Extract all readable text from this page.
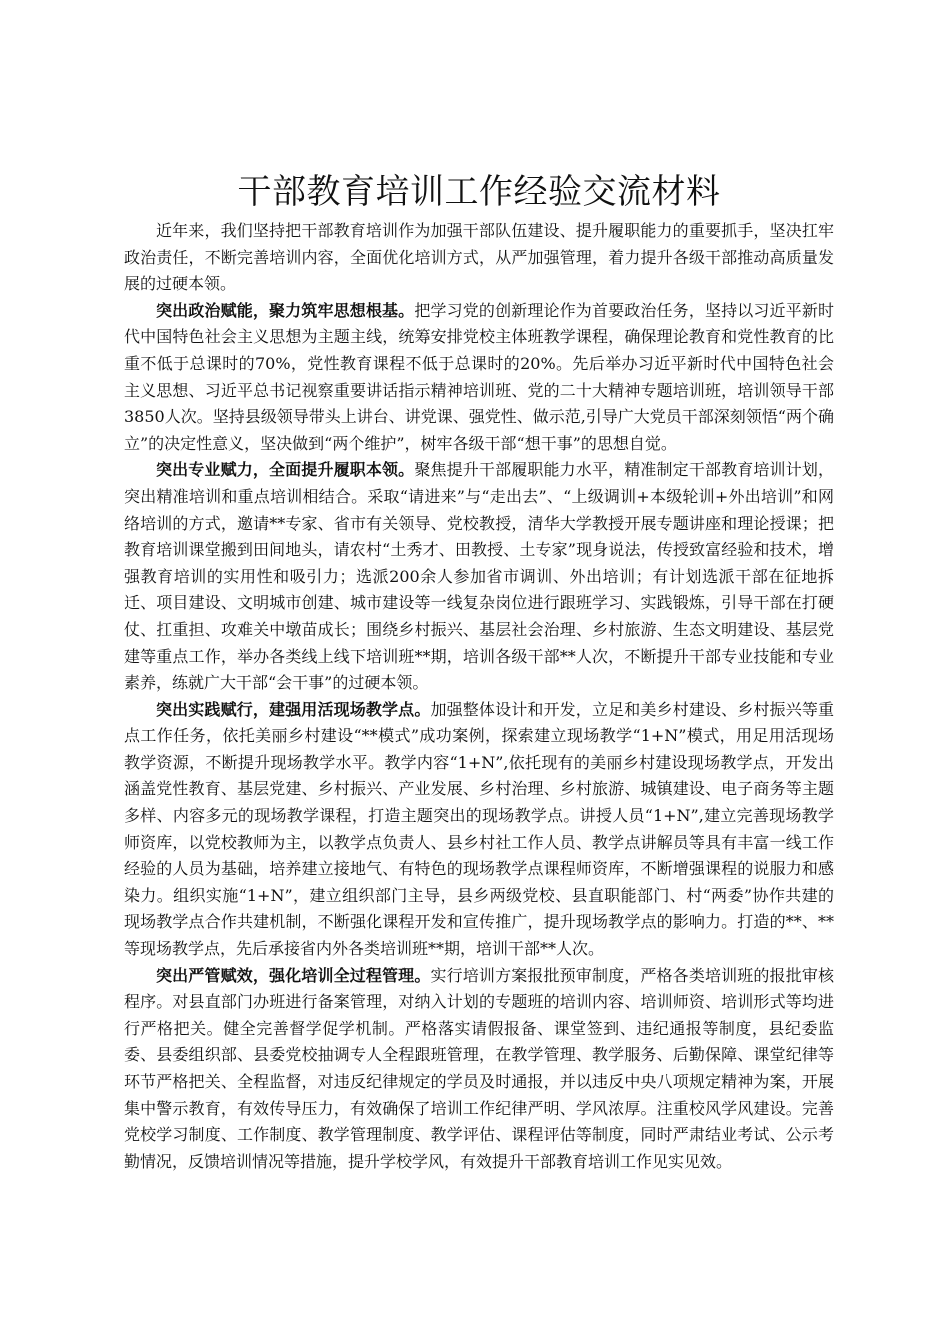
干部教育培训工作经验交流材料

近年来，我们坚持把干部教育培训作为加强干部队伍建设、提升履职能力的重要抓手，坚决扛牢政治责任，不断完善培训内容，全面优化培训方式，从严加强管理，着力提升各级干部推动高质量发展的过硬本领。

突出政治赋能，聚力筑牢思想根基。把学习党的创新理论作为首要政治任务，坚持以习近平新时代中国特色社会主义思想为主题主线，统筹安排党校主体班教学课程，确保理论教育和党性教育的比重不低于总课时的70%，党性教育课程不低于总课时的20%。先后举办习近平新时代中国特色社会主义思想、习近平总书记视察重要讲话指示精神培训班、党的二十大精神专题培训班，培训领导干部3850人次。坚持县级领导带头上讲台、讲党课、强党性、做示范,引导广大党员干部深刻领悟“两个确立”的决定性意义，坚决做到“两个维护”，树牢各级干部“想干事”的思想自觉。

突出专业赋力，全面提升履职本领。聚焦提升干部履职能力水平，精准制定干部教育培训计划，突出精准培训和重点培训相结合。采取“请进来”与“走出去”、“上级调训+本级轮训+外出培训”和网络培训的方式，邀请**专家、省市有关领导、党校教授，清华大学教授开展专题讲座和理论授课；把教育培训课堂搬到田间地头，请农村“土秀才、田教授、土专家”现身说法，传授致富经验和技术，增强教育培训的实用性和吸引力；选派200余人参加省市调训、外出培训；有计划选派干部在征地拆迁、项目建设、文明城市创建、城市建设等一线复杂岗位进行跟班学习、实践锻炼，引导干部在打硬仗、扛重担、攻难关中墩苗成长；围绕乡村振兴、基层社会治理、乡村旅游、生态文明建设、基层党建等重点工作，举办各类线上线下培训班**期，培训各级干部**人次，不断提升干部专业技能和专业素养，练就广大干部“会干事”的过硬本领。

突出实践赋行，建强用活现场教学点。加强整体设计和开发，立足和美乡村建设、乡村振兴等重点工作任务，依托美丽乡村建设“**模式”成功案例，探索建立现场教学“1+N”模式，用足用活现场教学资源，不断提升现场教学水平。教学内容“1+N”,依托现有的美丽乡村建设现场教学点，开发出涵盖党性教育、基层党建、乡村振兴、产业发展、乡村治理、乡村旅游、城镇建设、电子商务等主题多样、内容多元的现场教学课程，打造主题突出的现场教学点。讲授人员“1+N”,建立完善现场教学师资库，以党校教师为主，以教学点负责人、县乡村社工作人员、教学点讲解员等具有丰富一线工作经验的人员为基础，培养建立接地气、有特色的现场教学点课程师资库，不断增强课程的说服力和感染力。组织实施“1+N”，建立组织部门主导，县乡两级党校、县直职能部门、村“两委”协作共建的现场教学点合作共建机制，不断强化课程开发和宣传推广，提升现场教学点的影响力。打造的**、**等现场教学点，先后承接省内外各类培训班**期，培训干部**人次。

突出严管赋效，强化培训全过程管理。实行培训方案报批预审制度，严格各类培训班的报批审核程序。对县直部门办班进行备案管理，对纳入计划的专题班的培训内容、培训师资、培训形式等均进行严格把关。健全完善督学促学机制。严格落实请假报备、课堂签到、违纪通报等制度，县纪委监委、县委组织部、县委党校抽调专人全程跟班管理，在教学管理、教学服务、后勤保障、课堂纪律等环节严格把关、全程监督，对违反纪律规定的学员及时通报，并以违反中央八项规定精神为案，开展集中警示教育，有效传导压力，有效确保了培训工作纪律严明、学风浓厚。注重校风学风建设。完善党校学习制度、工作制度、教学管理制度、教学评估、课程评估等制度，同时严肃结业考试、公示考勤情况，反馈培训情况等措施，提升学校学风，有效提升干部教育培训工作见实见效。
